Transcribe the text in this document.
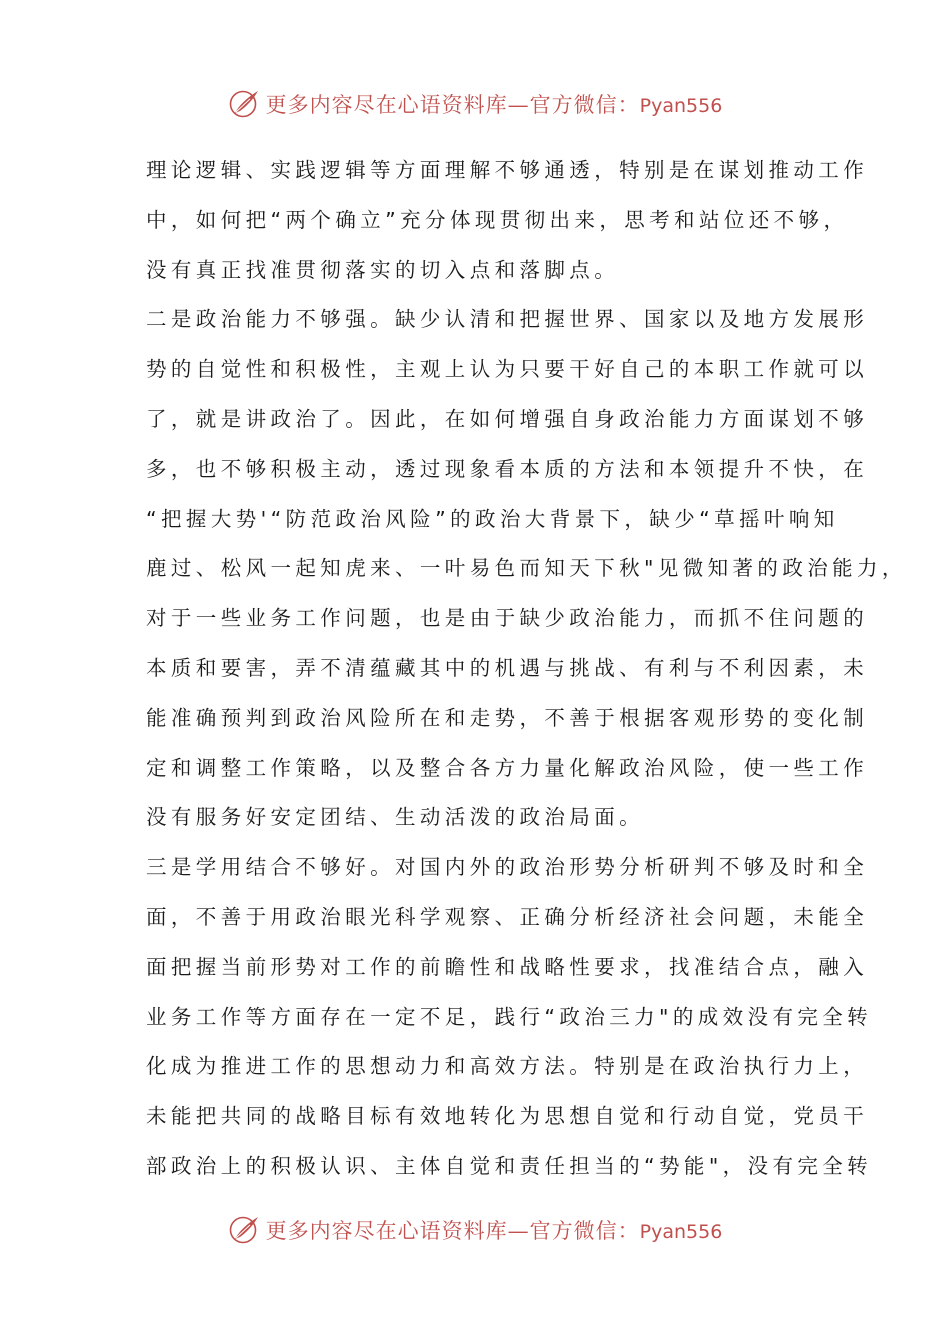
更多内容尽在心语资料库—官方微信：Pyan556
理论逻辑、实践逻辑等方面理解不够通透，特别是在谋划推动工作
中，如何把“两个确立”充分体现贯彻出来，思考和站位还不够，
没有真正找准贯彻落实的切入点和落脚点。
二是政治能力不够强。缺少认清和把握世界、国家以及地方发展形
势的自觉性和积极性，主观上认为只要干好自己的本职工作就可以
了，就是讲政治了。因此，在如何增强自身政治能力方面谋划不够
多，也不够积极主动，透过现象看本质的方法和本领提升不快，在
“把握大势'“防范政治风险”的政治大背景下，缺少“草摇叶响知
鹿过、松风一起知虎来、一叶易色而知天下秋"见微知著的政治能力，
对于一些业务工作问题，也是由于缺少政治能力，而抓不住问题的
本质和要害，弄不清蕴藏其中的机遇与挑战、有利与不利因素，未
能准确预判到政治风险所在和走势，不善于根据客观形势的变化制
定和调整工作策略，以及整合各方力量化解政治风险，使一些工作
没有服务好安定团结、生动活泼的政治局面。
三是学用结合不够好。对国内外的政治形势分析研判不够及时和全
面，不善于用政治眼光科学观察、正确分析经济社会问题，未能全
面把握当前形势对工作的前瞻性和战略性要求，找准结合点，融入
业务工作等方面存在一定不足，践行“政治三力"的成效没有完全转
化成为推进工作的思想动力和高效方法。特别是在政治执行力上，
未能把共同的战略目标有效地转化为思想自觉和行动自觉，党员干
部政治上的积极认识、主体自觉和责任担当的“势能"，没有完全转
更多内容尽在心语资料库—官方微信：Pyan556
